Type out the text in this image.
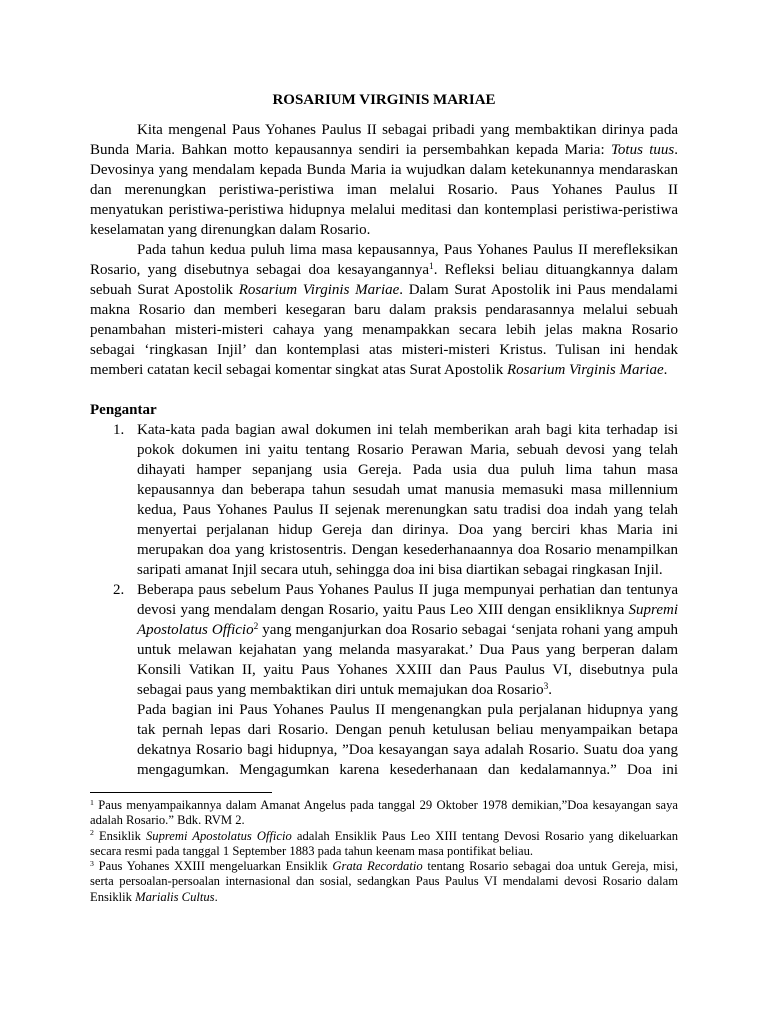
ROSARIUM VIRGINIS MARIAE
Kita mengenal Paus Yohanes Paulus II sebagai pribadi yang membaktikan dirinya pada
Bunda Maria. Bahkan motto kepausannya sendiri ia persembahkan kepada Maria: Totus tuus.
Devosinya yang mendalam kepada Bunda Maria ia wujudkan dalam ketekunannya mendaraskan
dan merenungkan peristiwa-peristiwa iman melalui Rosario. Paus Yohanes Paulus II
menyatukan peristiwa-peristiwa hidupnya melalui meditasi dan kontemplasi peristiwa-peristiwa
keselamatan yang direnungkan dalam Rosario.
Pada tahun kedua puluh lima masa kepausannya, Paus Yohanes Paulus II merefleksikan
Rosario, yang disebutnya sebagai doa kesayangannya$^1$. Refleksi beliau dituangkannya dalam
sebuah Surat Apostolik Rosarium Virginis Mariae. Dalam Surat Apostolik ini Paus mendalami
makna Rosario dan memberi kesegaran baru dalam praksis pendarasannya melalui sebuah
penambahan misteri-misteri cahaya yang menampakkan secara lebih jelas makna Rosario
sebagai ‘ringkasan Injil’ dan kontemplasi atas misteri-misteri Kristus. Tulisan ini hendak
memberi catatan kecil sebagai komentar singkat atas Surat Apostolik Rosarium Virginis Mariae.
Pengantar
1. Kata-kata pada bagian awal dokumen ini telah memberikan arah bagi kita terhadap isi
pokok dokumen ini yaitu tentang Rosario Perawan Maria, sebuah devosi yang telah
dihayati hamper sepanjang usia Gereja. Pada usia dua puluh lima tahun masa
kepausannya dan beberapa tahun sesudah umat manusia memasuki masa millennium
kedua, Paus Yohanes Paulus II sejenak merenungkan satu tradisi doa indah yang telah
menyertai perjalanan hidup Gereja dan dirinya. Doa yang berciri khas Maria ini
merupakan doa yang kristosentris. Dengan kesederhanaannya doa Rosario menampilkan
saripati amanat Injil secara utuh, sehingga doa ini bisa diartikan sebagai ringkasan Injil.
2. Beberapa paus sebelum Paus Yohanes Paulus II juga mempunyai perhatian dan tentunya
devosi yang mendalam dengan Rosario, yaitu Paus Leo XIII dengan ensikliknya Supremi
Apostolatus Officio$^2$ yang menganjurkan doa Rosario sebagai ‘senjata rohani yang ampuh
untuk melawan kejahatan yang melanda masyarakat.’ Dua Paus yang berperan dalam
Konsili Vatikan II, yaitu Paus Yohanes XXIII dan Paus Paulus VI, disebutnya pula
sebagai paus yang membaktikan diri untuk memajukan doa Rosario$^3$.
Pada bagian ini Paus Yohanes Paulus II mengenangkan pula perjalanan hidupnya yang
tak pernah lepas dari Rosario. Dengan penuh ketulusan beliau menyampaikan betapa
dekatnya Rosario bagi hidupnya, ”Doa kesayangan saya adalah Rosario. Suatu doa yang
mengagumkan. Mengagumkan karena kesederhanaan dan kedalamannya.” Doa ini
$^1$ Paus menyampaikannya dalam Amanat Angelus pada tanggal 29 Oktober 1978 demikian,”Doa kesayangan saya
adalah Rosario.” Bdk. RVM 2.
$^2$ Ensiklik Supremi Apostolatus Officio adalah Ensiklik Paus Leo XIII tentang Devosi Rosario yang dikeluarkan
secara resmi pada tanggal 1 September 1883 pada tahun keenam masa pontifikat beliau.
$^3$ Paus Yohanes XXIII mengeluarkan Ensiklik Grata Recordatio tentang Rosario sebagai doa untuk Gereja, misi,
serta persoalan-persoalan internasional dan sosial, sedangkan Paus Paulus VI mendalami devosi Rosario dalam
Ensiklik Marialis Cultus.
